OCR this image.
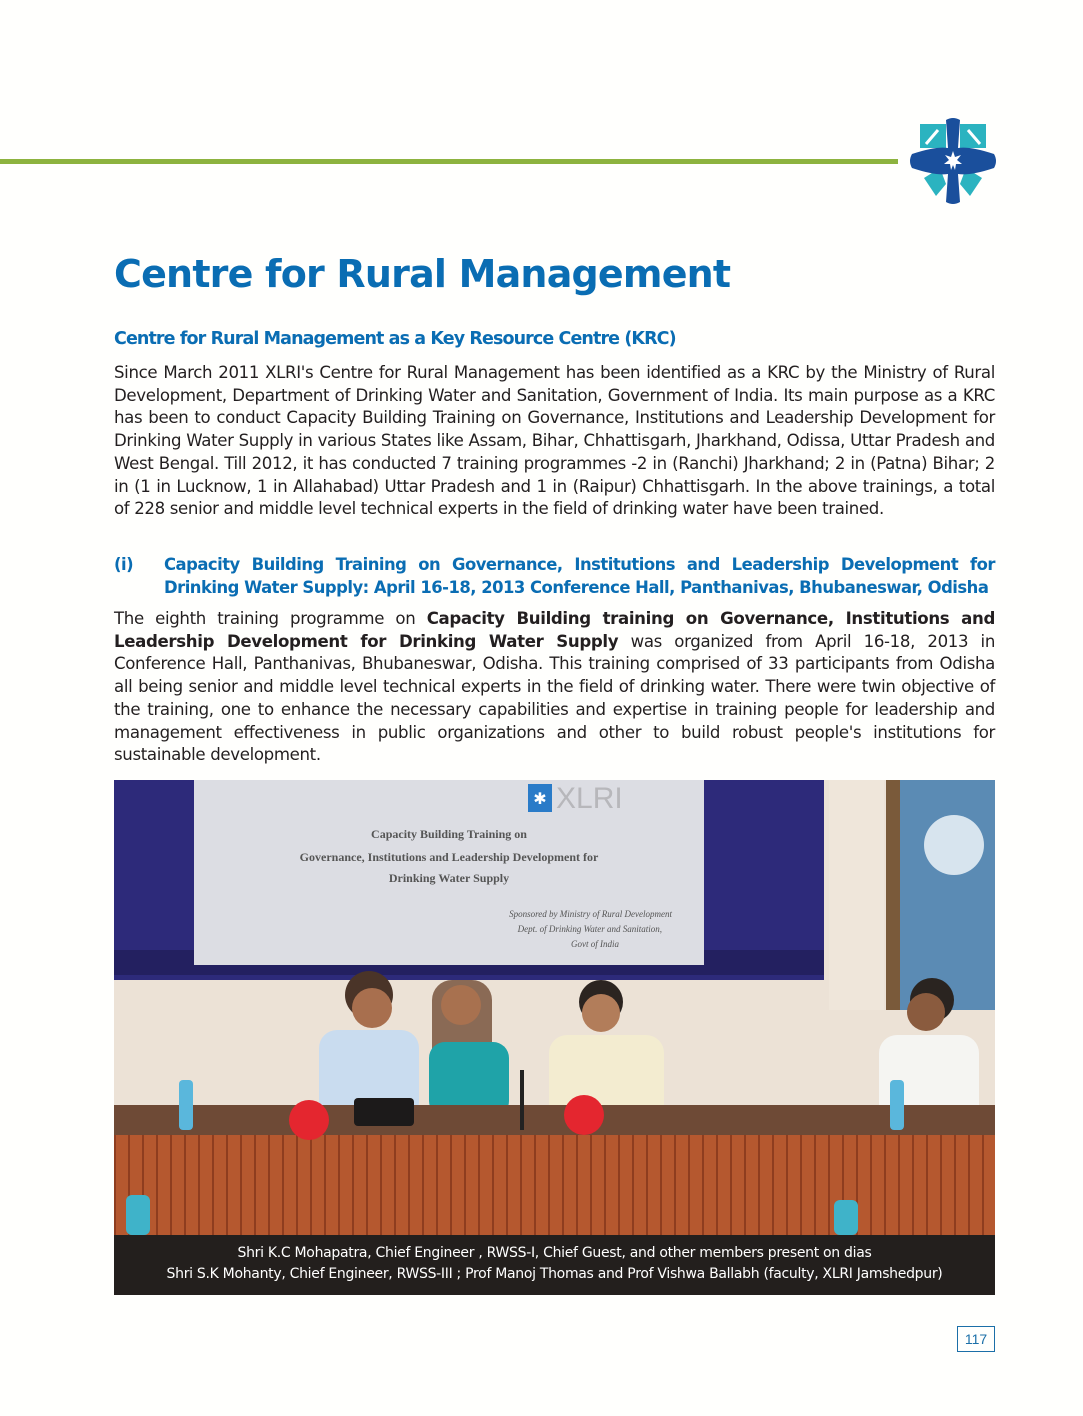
Centre for Rural Management
Centre for Rural Management as a Key Resource Centre (KRC)

Since March 2011 XLRI's Centre for Rural Management has been identified as a KRC by the Ministry of Rural Development, Department of Drinking Water and Sanitation, Government of India. Its main purpose as a KRC has been to conduct Capacity Building Training on Governance, Institutions and Leadership Development for Drinking Water Supply in various States like Assam, Bihar, Chhattisgarh, Jharkhand, Odissa, Uttar Pradesh and West Bengal. Till 2012, it has conducted 7 training programmes -2 in (Ranchi) Jharkhand; 2 in (Patna) Bihar; 2 in (1 in Lucknow, 1 in Allahabad) Uttar Pradesh and 1 in (Raipur) Chhattisgarh. In the above trainings, a total of 228 senior and middle level technical experts in the field of drinking water have been trained.

(i) Capacity Building Training on Governance, Institutions and Leadership Development for Drinking Water Supply: April 16-18, 2013 Conference Hall, Panthanivas, Bhubaneswar, Odisha

The eighth training programme on Capacity Building training on Governance, Institutions and Leadership Development for Drinking Water Supply was organized from April 16-18, 2013 in Conference Hall, Panthanivas, Bhubaneswar, Odisha. This training comprised of 33 participants from Odisha all being senior and middle level technical experts in the field of drinking water. There were twin objective of the training, one to enhance the necessary capabilities and expertise in training people for leadership and management effectiveness in public organizations and other to build robust people's institutions for sustainable development.

✱ XLRI
Capacity Building Training on
Governance, Institutions and Leadership Development for
Drinking Water Supply
Sponsored by Ministry of Rural Development
Dept. of Drinking Water and Sanitation,
Govt of India
Shri K.C Mohapatra, Chief Engineer , RWSS-I, Chief Guest, and other members present on dias
Shri S.K Mohanty, Chief Engineer, RWSS-III ; Prof Manoj Thomas and Prof Vishwa Ballabh (faculty, XLRI Jamshedpur)
117
